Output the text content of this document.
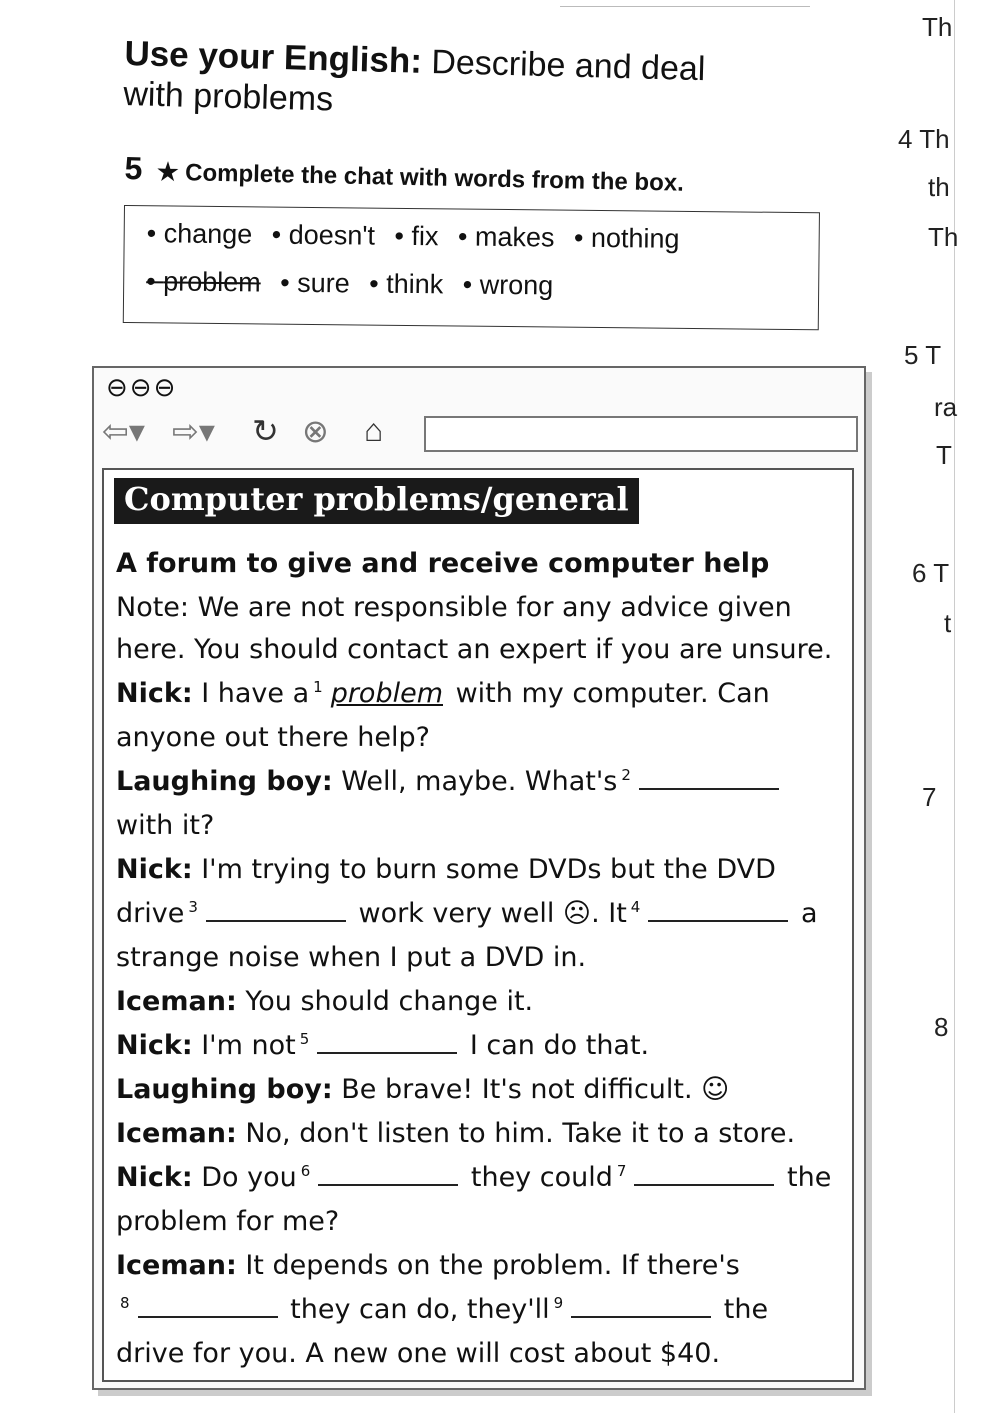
Th
4 Th
th
Th
5 T
ra
T
6 T
t
7
8
Use your English: Describe and deal
with problems
5 ★ Complete the chat with words from the box.
• change • doesn't • fix • makes • nothing
• problem • sure • think • wrong
⊖⊖⊖
⇦▾ ⇨▾ ↻ ⊗ ⌂
Computer problems/general
A forum to give and receive computer help
Note: We are not responsible for any advice given
here. You should contact an expert if you are unsure.
Nick: I have a $^1$ problem with my computer. Can
anyone out there help?
Laughing boy: Well, maybe. What's $^2$
with it?
Nick: I'm trying to burn some DVDs but the DVD
drive $^3$	work very well ☹. It $^4$	a
strange noise when I put a DVD in.
Iceman: You should change it.
Nick: I'm not $^5$	I can do that.
Laughing boy: Be brave! It's not difficult. ☺
Iceman: No, don't listen to him. Take it to a store.
Nick: Do you $^6$	they could $^7$	the
problem for me?
Iceman: It depends on the problem. If there's
$^8$	they can do, they'll $^9$	the
drive for you. A new one will cost about $40.
